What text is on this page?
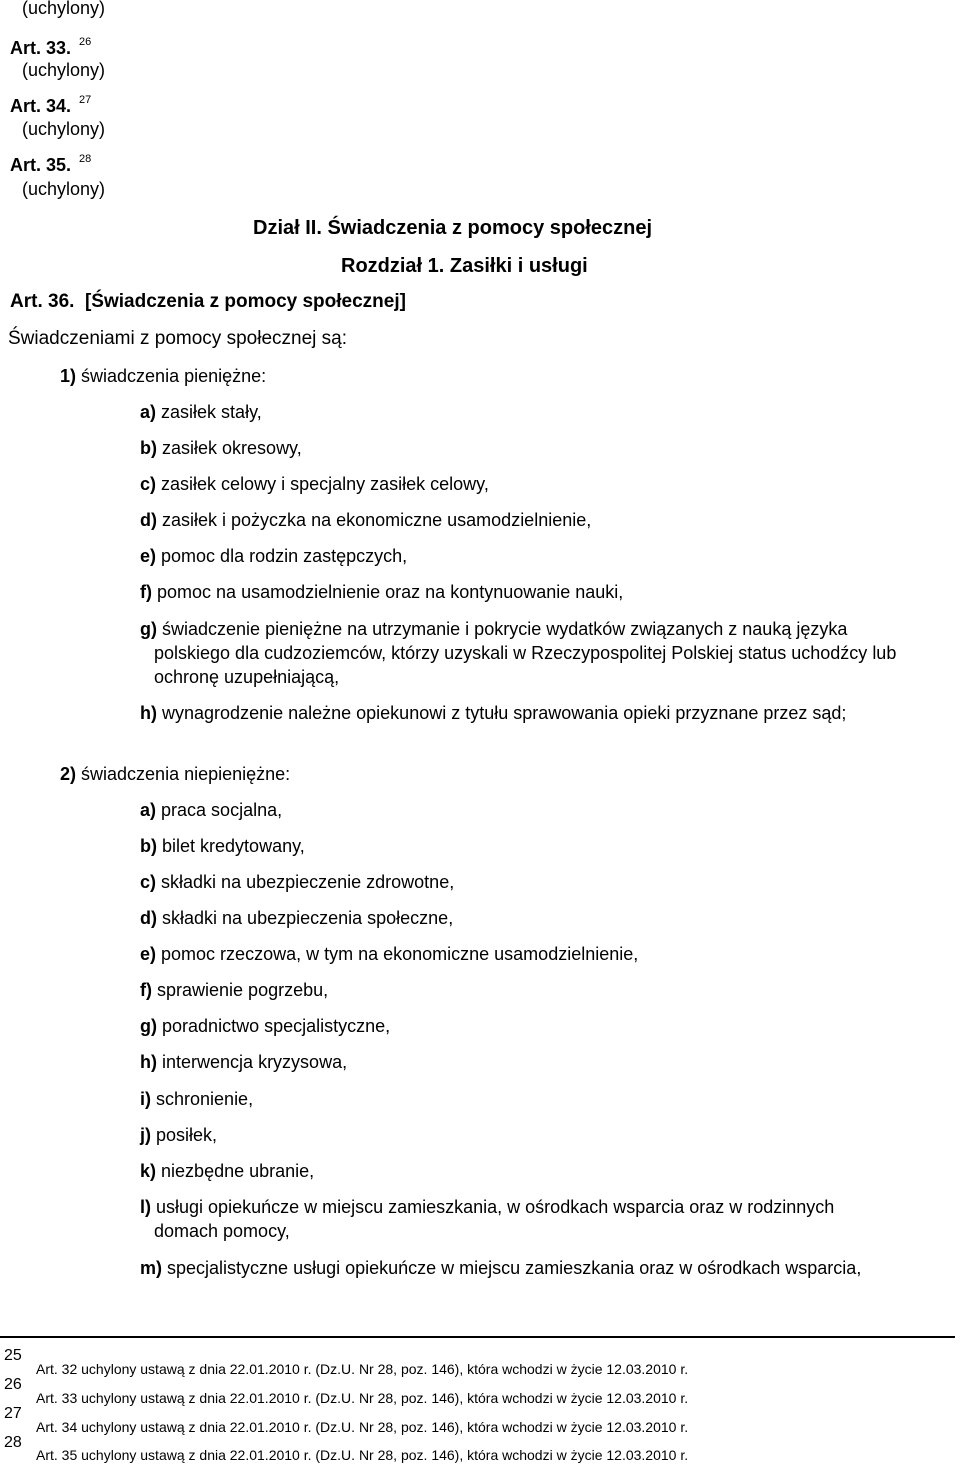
(uchylony)
Art. 33. $^{26}$
(uchylony)
Art. 34. $^{27}$
(uchylony)
Art. 35. $^{28}$
(uchylony)
Dział II. Świadczenia z pomocy społecznej
Rozdział 1. Zasiłki i usługi
Art. 36. [Świadczenia z pomocy społecznej]
Świadczeniami z pomocy społecznej są:
1) świadczenia pieniężne:
a) zasiłek stały,
b) zasiłek okresowy,
c) zasiłek celowy i specjalny zasiłek celowy,
d) zasiłek i pożyczka na ekonomiczne usamodzielnienie,
e) pomoc dla rodzin zastępczych,
f) pomoc na usamodzielnienie oraz na kontynuowanie nauki,
g) świadczenie pieniężne na utrzymanie i pokrycie wydatków związanych z nauką języka polskiego dla cudzoziemców, którzy uzyskali w Rzeczypospolitej Polskiej status uchodźcy lub ochronę uzupełniającą,
h) wynagrodzenie należne opiekunowi z tytułu sprawowania opieki przyznane przez sąd;
2) świadczenia niepieniężne:
a) praca socjalna,
b) bilet kredytowany,
c) składki na ubezpieczenie zdrowotne,
d) składki na ubezpieczenia społeczne,
e) pomoc rzeczowa, w tym na ekonomiczne usamodzielnienie,
f) sprawienie pogrzebu,
g) poradnictwo specjalistyczne,
h) interwencja kryzysowa,
i) schronienie,
j) posiłek,
k) niezbędne ubranie,
l) usługi opiekuńcze w miejscu zamieszkania, w ośrodkach wsparcia oraz w rodzinnych domach pomocy,
m) specjalistyczne usługi opiekuńcze w miejscu zamieszkania oraz w ośrodkach wsparcia,
25
Art. 32 uchylony ustawą z dnia 22.01.2010 r. (Dz.U. Nr 28, poz. 146), która wchodzi w życie 12.03.2010 r.
26
Art. 33 uchylony ustawą z dnia 22.01.2010 r. (Dz.U. Nr 28, poz. 146), która wchodzi w życie 12.03.2010 r.
27
Art. 34 uchylony ustawą z dnia 22.01.2010 r. (Dz.U. Nr 28, poz. 146), która wchodzi w życie 12.03.2010 r.
28
Art. 35 uchylony ustawą z dnia 22.01.2010 r. (Dz.U. Nr 28, poz. 146), która wchodzi w życie 12.03.2010 r.
